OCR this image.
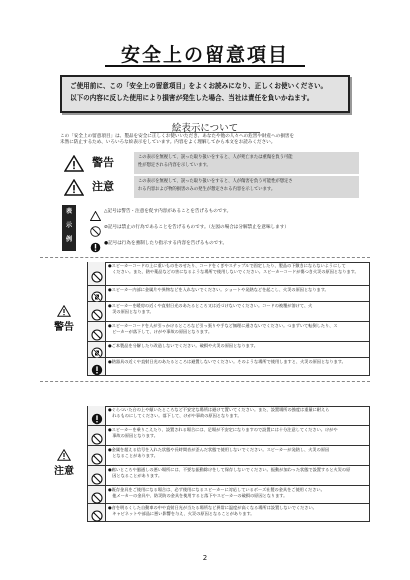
安全上の留意項目

ご使用前に、この「安全上の留意項目」をよくお読みになり、正しくお使いください。

以下の内容に反した使用により損害が発生した場合、当社は責任を負いかねます。

絵表示について

この「安全上の留意項目」は、製品を安全に正しくお使いいただき、あなたや他の人々への危害や財産への損害を

未然に防止するため、いろいろな絵表示をしています。内容をよく理解してから本文をお読みください。

警告	この表示を無視して、誤った取り扱いをすると、人が死亡または重傷を負う可能

性が想定される内容を示しています。

注意	この表示を無視して、誤った取り扱いをすると、人が傷害を負う可能性が想定さ

れる内容および物的損害のみの発生が想定される内容を示しています。

表
示
例

△記号は警告・注意を促す内容があることを告げるものです。

⊘記号は禁止の行為であることを告げるものです。（左図の場合は分解禁止を意味します）

●記号は行為を強制したり指示する内容を告げるものです。

警告

●スピーカーコードの上に重いものをのせたり、コードをくぎやステップルで固定したり、製品の下敷きにならないようにして

　ください。また、熱や薬品などの害になるような場所で使用しないでください。スピーカーコードが傷つき火災の原因となります。

●スピーカー内部に金属片や異物などを入れないでください。ショートや発熱などを起こし、火災の原因となります。

●スピーカーを暖房の近くや直射日光のあたるところ又は近づけないでください。コードの被覆が溶けて、火

　災の原因となります。

●スピーカーコードを人が引っかけるところなど引っ張りや手など無理に通さないでください。つまずいて転倒したり、ス

　ピーカーが落下して、けがや事故の原因となります。

●ご本製品を分解したり改造しないでください。破損や火災の原因となります。

●熱器具の近くや直射日光のあたるところは避置しないでください。そのような場所で使用しますと、火災の原因となります。

注意

●ぐらついた台の上や傾いたところなど不安定な場所は避けて置いてください。また、設置場所の強度は重量に耐えら

　れるものにしてください。落下して、けがや事故の原因となります。

●スピーカーを乗りこえたり、設置される場合には、足場が不安定になりますので設置には十分注意してください。けがや

　事故の原因となります。

●金属を超える信号を入れた状態や長時間音が歪んだ状態で使用しないでください。スピーカーが発熱し、火災の原因

　となることがあります。

●廊いところや風通しの悪い場所には、不要な振動除けをして保存しないでください。振動が加わった状態で設置すると火災の原

　因となることがあります。

●既存金具をご使用になる場合は、必ず使用になるスピーカーに対応しているボーズ社製の金具をご使用ください。

　他メーカーの金具や、防災防の金具を使用すると落下やスピーカーの破損の原因となります。

●音を明るくした自動車の中や直射日光が当たる場所など異常に温度が高くなる場所は設置しないでください。

　キャビネットや部品に悪い影響を与え、火災の原因となることがあります。

2
